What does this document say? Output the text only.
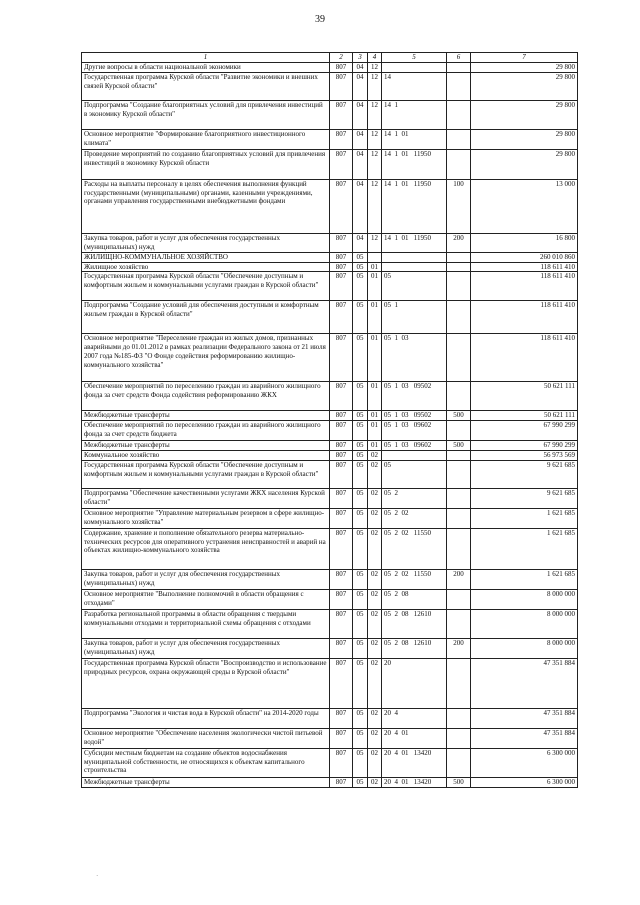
39
1	2	3	4	5	6	7
Другие вопросы в области национальной экономики	807	04	12			29 800
Государственная программа Курской области "Развитие экономики и внешних связей Курской области"	807	04	12	14		29 800
Подпрограмма "Создание благоприятных условий для привлечения инвестиций в экономику Курской области"	807	04	12	14  1		29 800
Основное мероприятие "Формирование благоприятного инвестиционного климата"	807	04	12	14  1  01		29 800
Проведение мероприятий по созданию благоприятных условий для привлечения инвестиций в экономику Курской области	807	04	12	14  1  01   11950		29 800
Расходы на выплаты персоналу в целях обеспечения выполнения функций государственными (муниципальными) органами, казенными учреждениями, органами управления государственными внебюджетными фондами	807	04	12	14  1  01   11950	100	13 000
Закупка товаров, работ и услуг для обеспечения государственных (муниципальных) нужд	807	04	12	14  1  01   11950	200	16 800
ЖИЛИЩНО-КОММУНАЛЬНОЕ ХОЗЯЙСТВО	807	05				260 010 860
Жилищное хозяйство	807	05	01			118 611 410
Государственная программа Курской области "Обеспечение доступным и комфортным жильем и коммунальными услугами граждан в Курской области"	807	05	01	05		118 611 410
Подпрограмма "Создание условий для обеспечения доступным и комфортным жильем граждан в Курской области"	807	05	01	05  1		118 611 410
Основное мероприятие "Переселение граждан из жилых домов, признанных аварийными до 01.01.2012 в рамках реализации Федерального закона от 21 июля 2007 года №185-ФЗ "О Фонде содействия реформированию жилищно-коммунального хозяйства"	807	05	01	05  1  03		118 611 410
Обеспечение мероприятий по переселению граждан из аварийного жилищного фонда за счет средств Фонда содействия реформированию ЖКХ	807	05	01	05  1  03   09502		50 621 111
Межбюджетные трансферты	807	05	01	05  1  03   09502	500	50 621 111
Обеспечение мероприятий по переселению граждан из аварийного жилищного фонда за счет средств бюджета	807	05	01	05  1  03   09602		67 990 299
Межбюджетные трансферты	807	05	01	05  1  03   09602	500	67 990 299
Коммунальное хозяйство	807	05	02			56 973 569
Государственная программа Курской области "Обеспечение доступным и комфортным жильем и коммунальными услугами граждан в Курской области"	807	05	02	05		9 621 685
Подпрограмма "Обеспечение качественными услугами ЖКХ населения Курской области"	807	05	02	05  2		9 621 685
Основное мероприятие "Управление материальным резервом в сфере жилищно-коммунального хозяйства"	807	05	02	05  2  02		1 621 685
Содержание, хранение и пополнение обязательного резерва материально-технических ресурсов для оперативного устранения неисправностей и аварий на объектах жилищно-коммунального хозяйства	807	05	02	05  2  02   11550		1 621 685
Закупка товаров, работ и услуг для обеспечения государственных (муниципальных) нужд	807	05	02	05  2  02   11550	200	1 621 685
Основное мероприятие "Выполнение полномочий в области обращения с отходами"	807	05	02	05  2  08		8 000 000
Разработка региональной программы в области обращения с твердыми коммунальными отходами и территориальной схемы обращения с отходами	807	05	02	05  2  08   12610		8 000 000
Закупка товаров, работ и услуг для обеспечения государственных (муниципальных) нужд	807	05	02	05  2  08   12610	200	8 000 000
Государственная программа Курской области "Воспроизводство и использование природных ресурсов, охрана окружающей среды в Курской области"	807	05	02	20		47 351 884
Подпрограмма "Экология и чистая вода в Курской области" на 2014-2020 годы	807	05	02	20  4		47 351 884
Основное мероприятие "Обеспечение населения экологически чистой питьевой водой"	807	05	02	20  4  01		47 351 884
Субсидии местным бюджетам на создание объектов водоснабжения муниципальной собственности, не относящихся к объектам капитального строительства	807	05	02	20  4  01   13420		6 300 000
Межбюджетные трансферты	807	05	02	20  4  01   13420	500	6 300 000
·
